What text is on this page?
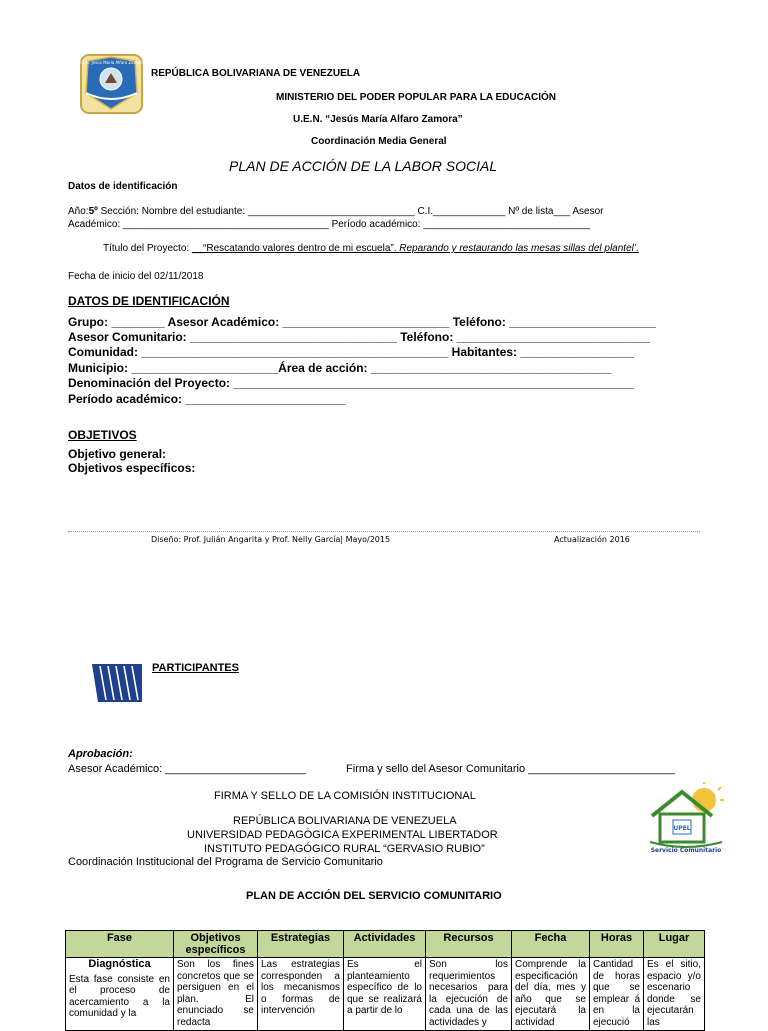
U.E.N. Jesús María Alfaro Zamora
REPÚBLICA BOLIVARIANA DE VENEZUELA
MINISTERIO DEL PODER POPULAR PARA LA EDUCACIÓN
U.E.N. “Jesús María Alfaro Zamora”
Coordinación Media General
PLAN DE ACCIÓN DE LA LABOR SOCIAL
Datos de identificación
Año:5º Sección: Nombre del estudiante: ______________________________ C.I._____________ Nº de lista___ Asesor
Académico: _____________________________________ Período académico: ______________________________
Título del Proyecto: __“Rescatando valores dentro de mi escuela”. Reparando y restaurando las mesas sillas del plantel’.
Fecha de inicio del 02/11/2018
DATOS DE IDENTIFICACIÓN
Grupo: ________ Asesor Académico: _________________________ Teléfono: ______________________
Asesor Comunitario: _______________________________ Teléfono: _____________________________
Comunidad: ______________________________________________ Habitantes: _________________
Municipio: ______________________Área de acción: ____________________________________
Denominación del Proyecto: ____________________________________________________________
Período académico: ________________________
OBJETIVOS
Objetivo general:
Objetivos específicos:
Diseño: Prof. Julián Angarita y Prof. Nelly García| Mayo/2015	Actualización 2016
PARTICIPANTES
Aprobación:
Asesor Académico: _______________________	Firma y sello del Asesor Comunitario ________________________
FIRMA Y SELLO DE LA COMISIÓN INSTITUCIONAL
REPÚBLICA BOLIVARIANA DE VENEZUELA
UNIVERSIDAD PEDAGÓGICA EXPERIMENTAL LIBERTADOR
INSTITUTO PEDAGÓGICO RURAL “GERVASIO RUBIO”
Coordinación Institucional del Programa de Servicio Comunitario
UPEL
Servicio Comunitario
PLAN DE ACCIÓN DEL SERVICIO COMUNITARIO
Fase	Objetivos específicos	Estrategias	Actividades	Recursos	Fecha	Horas	Lugar

Diagnóstica
Esta fase consiste en el proceso de acercamiento a la comunidad y la	Son los fines concretos que se persiguen en el plan. El enunciado se redacta	Las estrategias corresponden a los mecanismos o formas de intervención	Es el planteamiento específico de lo que se realizará a partir de lo	Son los requerimientos necesarios para la ejecución de cada una de las actividades y	Comprende la especificación del día, mes y año que se ejecutará la actividad	Cantidad de horas que se emplear á en la ejecució	Es el sitio, espacio y/o escenario donde se ejecutarán las
